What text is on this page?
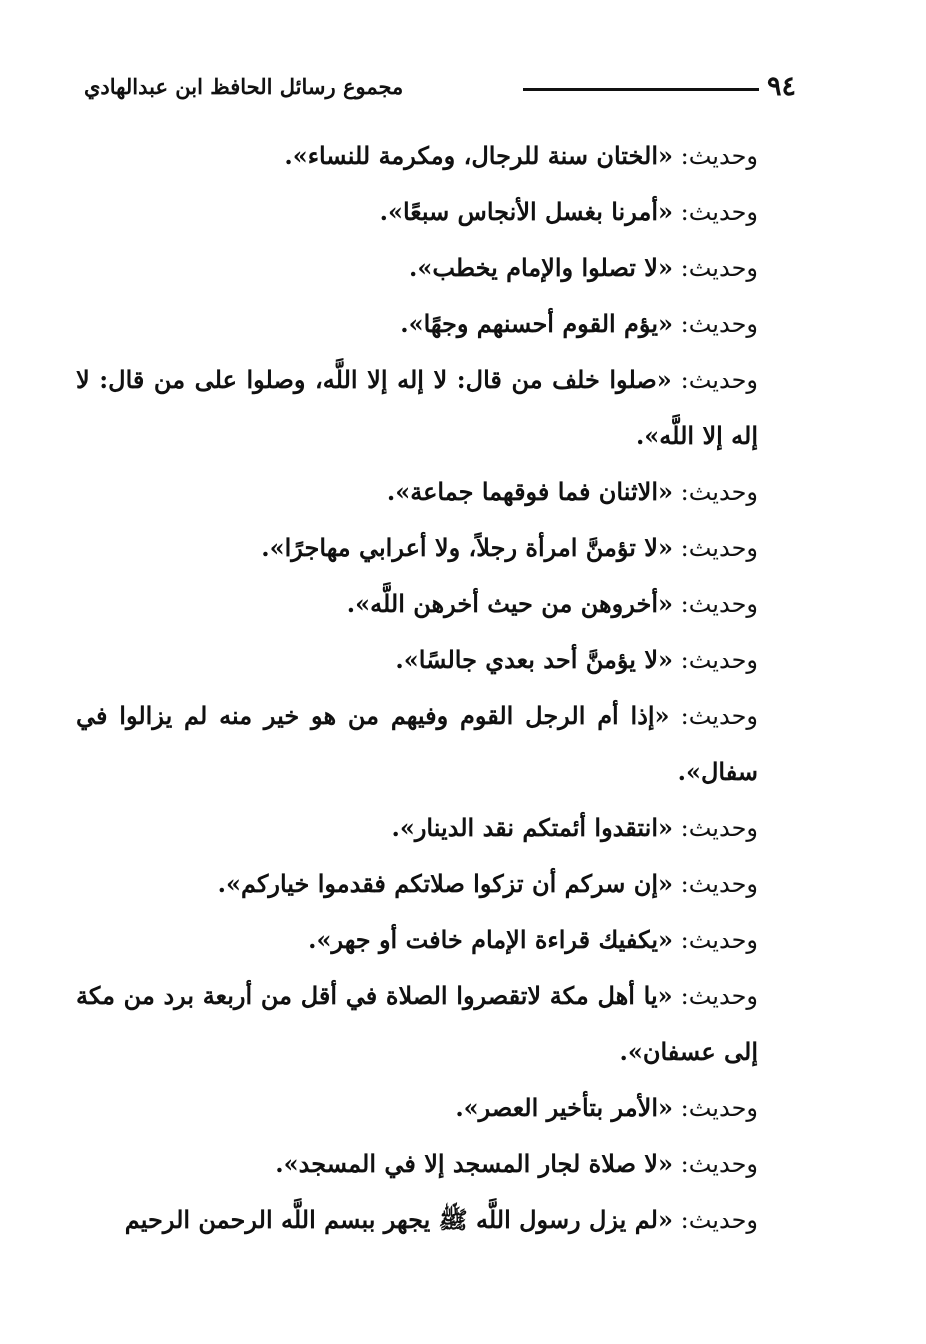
٩٤
مجموع رسائل الحافظ ابن عبدالهادي

وحديث: «الختان سنة للرجال، ومكرمة للنساء».

وحديث: «أمرنا بغسل الأنجاس سبعًا».

وحديث: «لا تصلوا والإمام يخطب».

وحديث: «يؤم القوم أحسنهم وجهًا».

وحديث: «صلوا خلف من قال: لا إله إلا اللَّه، وصلوا على من قال: لا إله إلا اللَّه».

وحديث: «الاثنان فما فوقهما جماعة».

وحديث: «لا تؤمنَّ امرأة رجلاً، ولا أعرابي مهاجرًا».

وحديث: «أخروهن من حيث أخرهن اللَّه».

وحديث: «لا يؤمنَّ أحد بعدي جالسًا».

وحديث: «إذا أم الرجل القوم وفيهم من هو خير منه لم يزالوا في سفال».

وحديث: «انتقدوا أئمتكم نقد الدينار».

وحديث: «إن سركم أن تزكوا صلاتكم فقدموا خياركم».

وحديث: «يكفيك قراءة الإمام خافت أو جهر».

وحديث: «يا أهل مكة لاتقصروا الصلاة في أقل من أربعة برد من مكة إلى عسفان».

وحديث: «الأمر بتأخير العصر».

وحديث: «لا صلاة لجار المسجد إلا في المسجد».

وحديث: «لم يزل رسول اللَّه ﷺ يجهر ببسم اللَّه الرحمن الرحيم
